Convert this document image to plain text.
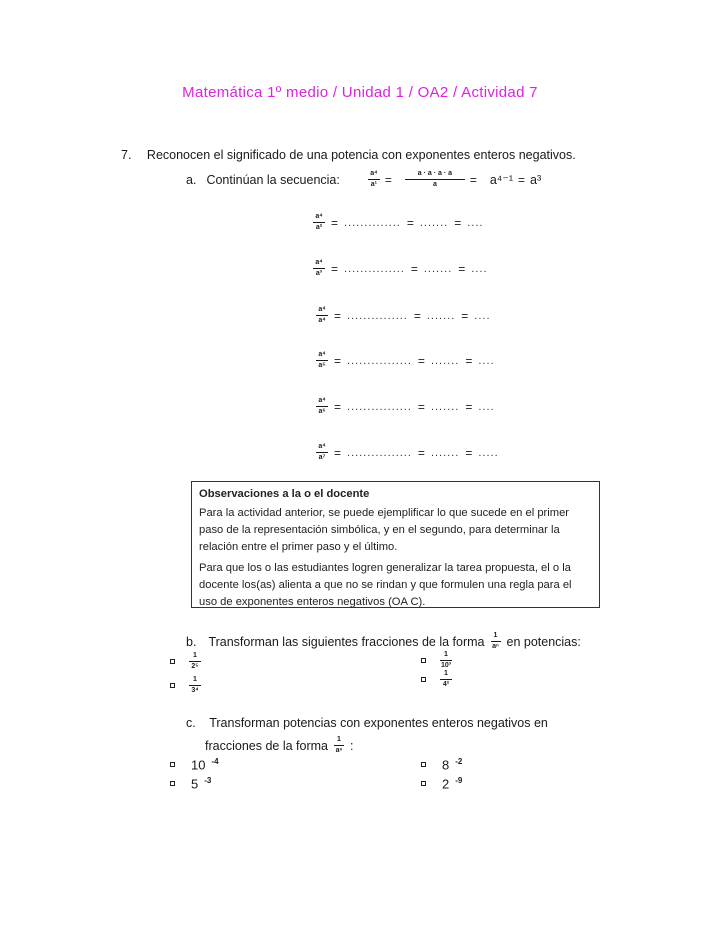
Matemática 1º medio / Unidad 1 / OA2 / Actividad 7
7. Reconocen el significado de una potencia con exponentes enteros negativos.
a. Continúan la secuencia:	$\frac{\text{a⁴}}{\text{a¹}} = \frac{a \cdot a \cdot a \cdot a}{a} = a^{4-1} = a^3$
$\frac{\text{a⁴}}{\text{a²}}$ = .............. = ....... = ....
$\frac{\text{a⁴}}{\text{a³}}$ = ............... = ....... = ....
$\frac{\text{a⁴}}{\text{a⁴}}$ = ............... = ....... = ....
$\frac{\text{a⁴}}{\text{a⁵}}$ = ................ = ....... = ....
$\frac{\text{a⁴}}{\text{a⁶}}$ = ................ = ....... = ....
$\frac{\text{a⁴}}{\text{a⁷}}$ = ................ = ....... = .....
Observaciones a la o el docente

Para la actividad anterior, se puede ejemplificar lo que sucede en el primer paso de la representación simbólica, y en el segundo, para determinar la relación entre el primer paso y el último.

Para que los o las estudiantes logren generalizar la tarea propuesta, el o la docente los(as) alienta a que no se rindan y que formulen una regla para el uso de exponentes enteros negativos (OA C).

b. Transforman las siguientes fracciones de la forma $\frac{1}{\text{aⁿ}}$ en potencias:
$\frac{1}{\text{2⁵}}$
$\frac{1}{\text{3⁴}}$
$\frac{1}{\text{10³}}$
$\frac{1}{\text{4²}}$
c. Transforman potencias con exponentes enteros negativos en
fracciones de la forma $\frac{1}{\text{aⁿ}}$ :
10 $^{-4}$
5 $^{-3}$
8 $^{-2}$
2 $^{-9}$
